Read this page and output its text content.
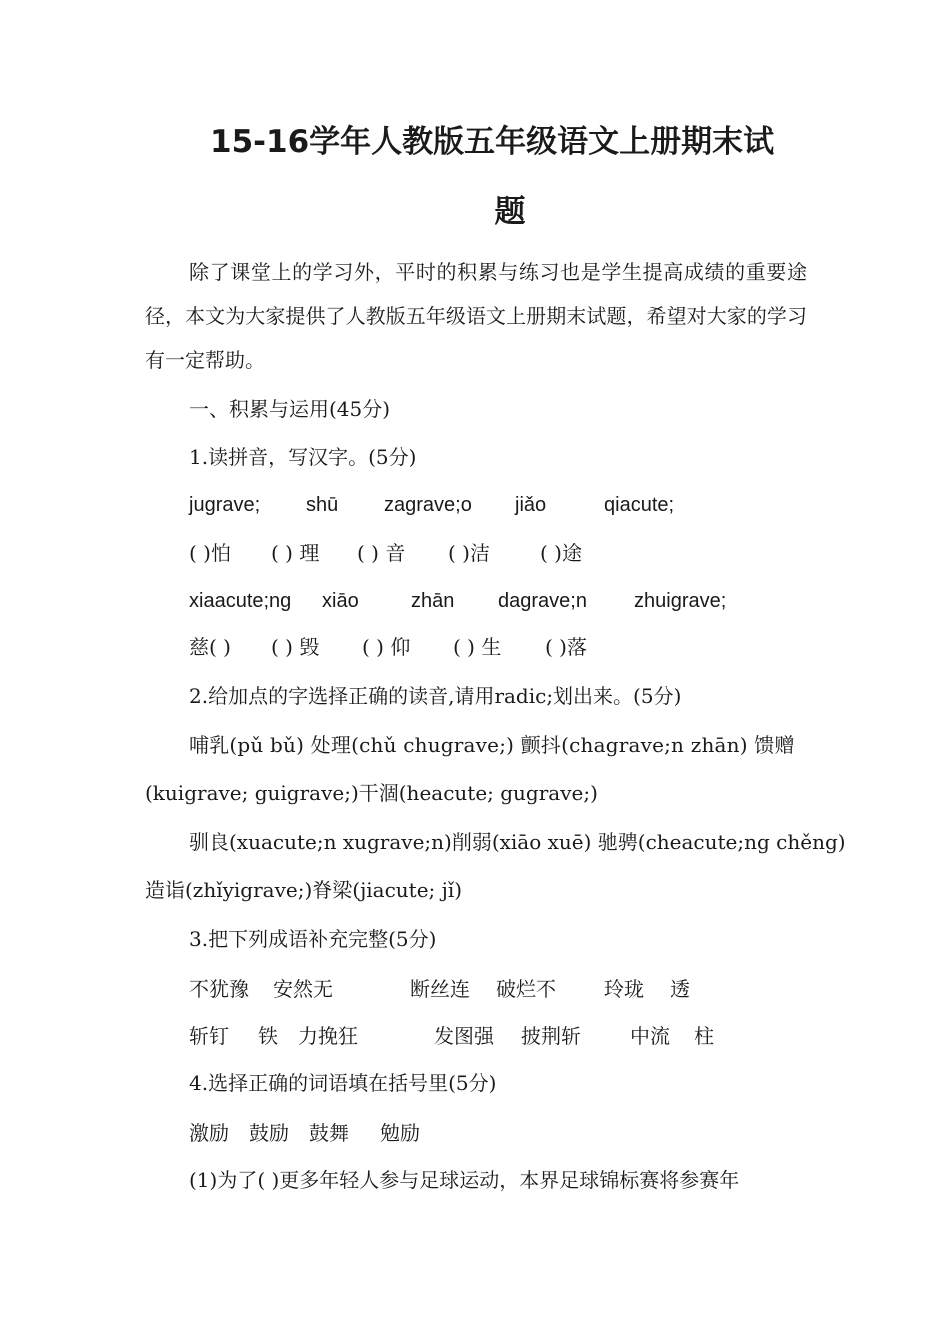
15-16学年人教版五年级语文上册期末试
题

除了课堂上的学习外，平时的积累与练习也是学生提高成绩的重要途径，本文为大家提供了人教版五年级语文上册期末试题，希望对大家的学习有一定帮助。

一、积累与运用(45分)
1.读拼音，写汉字。(5分)
jugrave; shū zagrave;o jiǎo	qiacute;
( )怕 ( ) 理 ( ) 音 ( )洁	( )途
xiaacute;ng xiāo	zhān dagrave;n zhuigrave;
慈( ) ( ) 毁 ( ) 仰 ( ) 生 ( )落
2.给加点的字选择正确的读音,请用radic;划出来。(5分)
哺乳(pǔ bǔ) 处理(chǔ chugrave;) 颤抖(chagrave;n zhān) 馈赠
(kuigrave; guigrave;)干涸(heacute; gugrave;)
驯良(xuacute;n xugrave;n)削弱(xiāo xuē) 驰骋(cheacute;ng chěng)
造诣(zhǐyigrave;)脊梁(jiacute; jǐ)
3.把下列成语补充完整(5分)
不犹豫 安然无	断丝连 破烂不 玲珑 透
斩钉 铁 力挽狂	发图强 披荆斩 中流 柱
4.选择正确的词语填在括号里(5分)
激励 鼓励 鼓舞 勉励
(1)为了( )更多年轻人参与足球运动，本界足球锦标赛将参赛年
